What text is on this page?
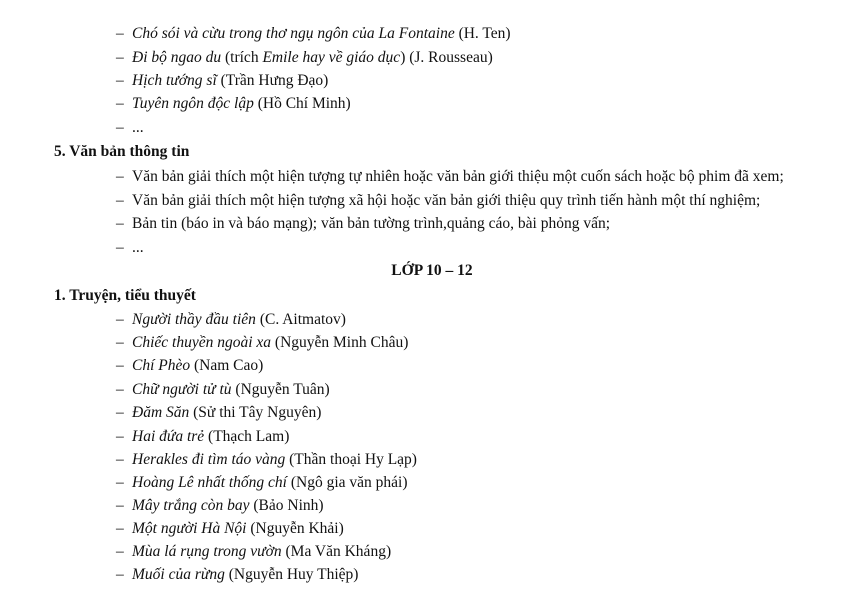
– Chó sói và cừu trong thơ ngụ ngôn của La Fontaine (H. Ten)
– Đi bộ ngao du (trích Emile hay về giáo dục) (J. Rousseau)
– Hịch tướng sĩ (Trần Hưng Đạo)
– Tuyên ngôn độc lập (Hồ Chí Minh)
– ...
5. Văn bản thông tin
– Văn bản giải thích một hiện tượng tự nhiên hoặc văn bản giới thiệu một cuốn sách hoặc bộ phim đã xem;
– Văn bản giải thích một hiện tượng xã hội hoặc văn bản giới thiệu quy trình tiến hành một thí nghiệm;
– Bản tin (báo in và báo mạng); văn bản tường trình,quảng cáo, bài phỏng vấn;
– ...
LỚP 10 – 12
1. Truyện, tiểu thuyết
– Người thầy đầu tiên (C. Aitmatov)
– Chiếc thuyền ngoài xa (Nguyễn Minh Châu)
– Chí Phèo (Nam Cao)
– Chữ người tử tù (Nguyễn Tuân)
– Đăm Săn (Sử thi Tây Nguyên)
– Hai đứa trẻ (Thạch Lam)
– Herakles đi tìm táo vàng (Thần thoại Hy Lạp)
– Hoàng Lê nhất thống chí (Ngô gia văn phái)
– Mây trắng còn bay (Bảo Ninh)
– Một người Hà Nội (Nguyễn Khải)
– Mùa lá rụng trong vườn (Ma Văn Kháng)
– Muối của rừng (Nguyễn Huy Thiệp)
